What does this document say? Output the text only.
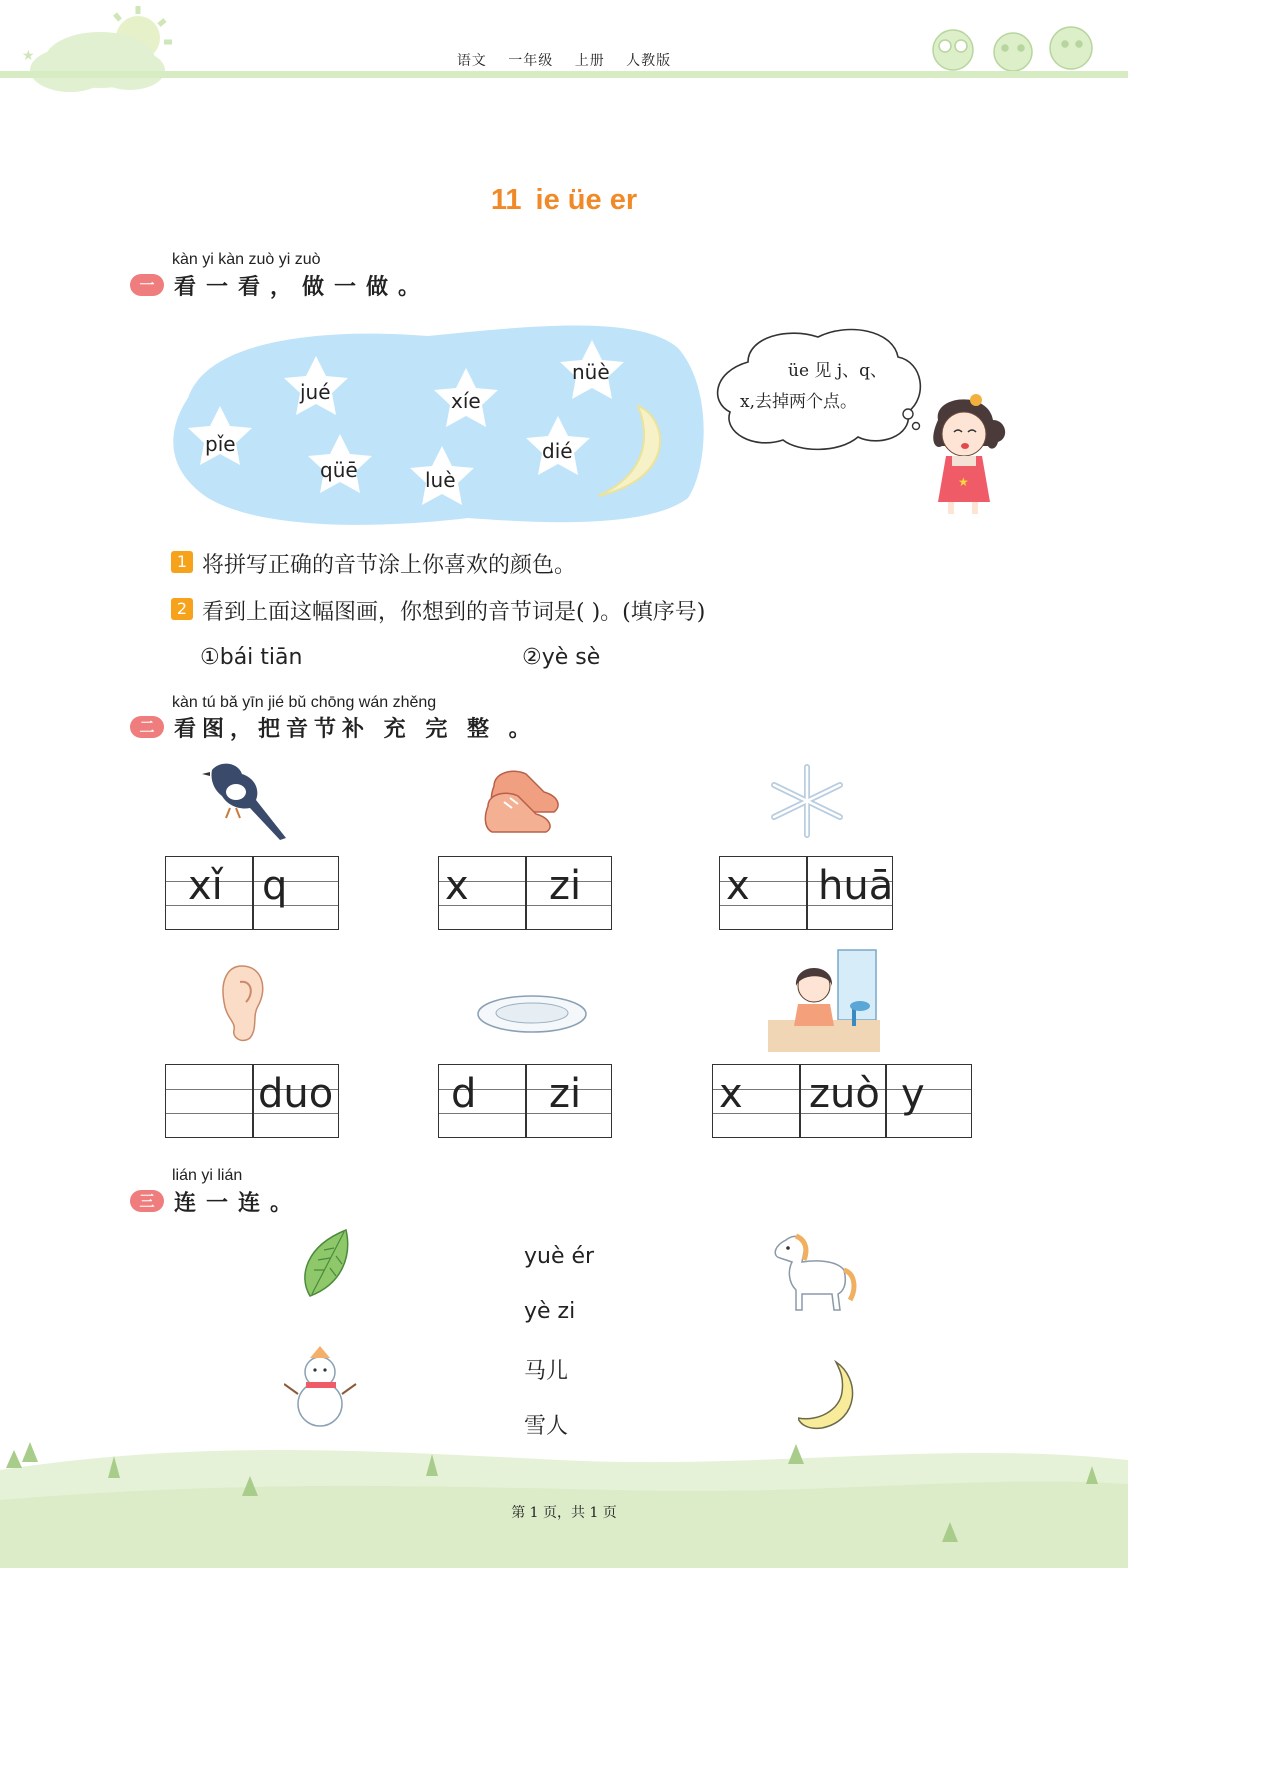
★	语文 一年级 上册 人教版
11 ie üe er
kàn yi kàn zuò yi zuò
一 看一看，做一做。
jué	xíe
nüè
pǐe
qüē	luè
dié
üe 见 j、q、
x,去掉两个点。
★
1 将拼写正确的音节涂上你喜欢的颜色。
2 看到上面这幅图画，你想到的音节词是( )。(填序号)
①bái tiān	②yè sè
kàn tú bǎ yīn jié bǔ chōng wán zhěng
二 看图，把音节补 充 完 整 。
xǐ q	x zi	x huā
duo	d zi	x zuò y
lián yi lián
三 连一连。
yuè ér
yè zi
马儿
雪人
第 1 页，共 1 页
